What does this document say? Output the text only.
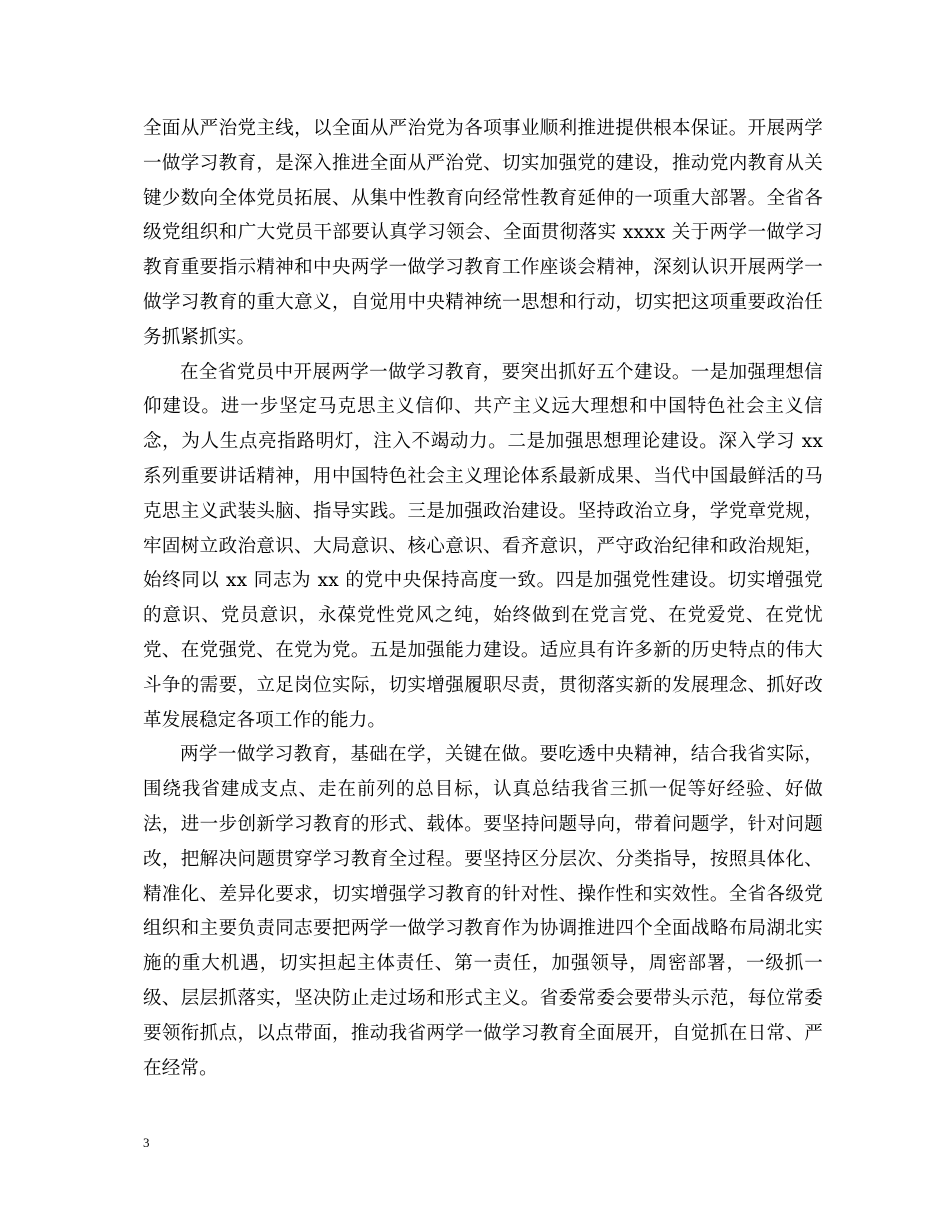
全面从严治党主线，以全面从严治党为各项事业顺利推进提供根本保证。开展两学一做学习教育，是深入推进全面从严治党、切实加强党的建设，推动党内教育从关键少数向全体党员拓展、从集中性教育向经常性教育延伸的一项重大部署。全省各级党组织和广大党员干部要认真学习领会、全面贯彻落实 xxxx 关于两学一做学习教育重要指示精神和中央两学一做学习教育工作座谈会精神，深刻认识开展两学一做学习教育的重大意义，自觉用中央精神统一思想和行动，切实把这项重要政治任务抓紧抓实。

在全省党员中开展两学一做学习教育，要突出抓好五个建设。一是加强理想信仰建设。进一步坚定马克思主义信仰、共产主义远大理想和中国特色社会主义信念，为人生点亮指路明灯，注入不竭动力。二是加强思想理论建设。深入学习 xx 系列重要讲话精神，用中国特色社会主义理论体系最新成果、当代中国最鲜活的马克思主义武装头脑、指导实践。三是加强政治建设。坚持政治立身，学党章党规，牢固树立政治意识、大局意识、核心意识、看齐意识，严守政治纪律和政治规矩，始终同以 xx 同志为 xx 的党中央保持高度一致。四是加强党性建设。切实增强党的意识、党员意识，永葆党性党风之纯，始终做到在党言党、在党爱党、在党忧党、在党强党、在党为党。五是加强能力建设。适应具有许多新的历史特点的伟大斗争的需要，立足岗位实际，切实增强履职尽责，贯彻落实新的发展理念、抓好改革发展稳定各项工作的能力。

两学一做学习教育，基础在学，关键在做。要吃透中央精神，结合我省实际，围绕我省建成支点、走在前列的总目标，认真总结我省三抓一促等好经验、好做法，进一步创新学习教育的形式、载体。要坚持问题导向，带着问题学，针对问题改，把解决问题贯穿学习教育全过程。要坚持区分层次、分类指导，按照具体化、精准化、差异化要求，切实增强学习教育的针对性、操作性和实效性。全省各级党组织和主要负责同志要把两学一做学习教育作为协调推进四个全面战略布局湖北实施的重大机遇，切实担起主体责任、第一责任，加强领导，周密部署，一级抓一级、层层抓落实，坚决防止走过场和形式主义。省委常委会要带头示范，每位常委要领衔抓点，以点带面，推动我省两学一做学习教育全面展开，自觉抓在日常、严在经常。

3
